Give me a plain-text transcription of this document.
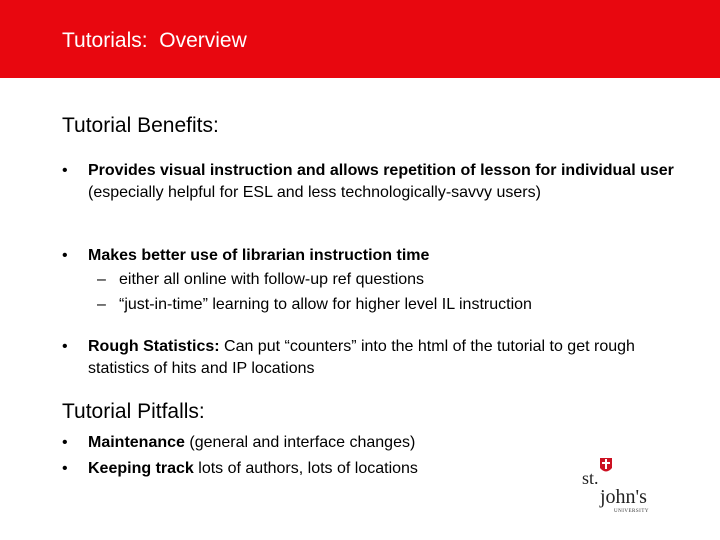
Tutorials:  Overview
Tutorial Benefits:
• Provides visual instruction and allows repetition of lesson for individual user (especially helpful for ESL and less technologically-savvy users)
• Makes better use of librarian instruction time
– either all online with follow-up ref questions
– “just-in-time” learning to allow for higher level IL instruction
• Rough Statistics: Can put “counters” into the html of the tutorial to get rough statistics of hits and IP locations
Tutorial Pitfalls:
• Maintenance (general and interface changes)
• Keeping track lots of authors, lots of locations	st.
john's
UNIVERSITY
